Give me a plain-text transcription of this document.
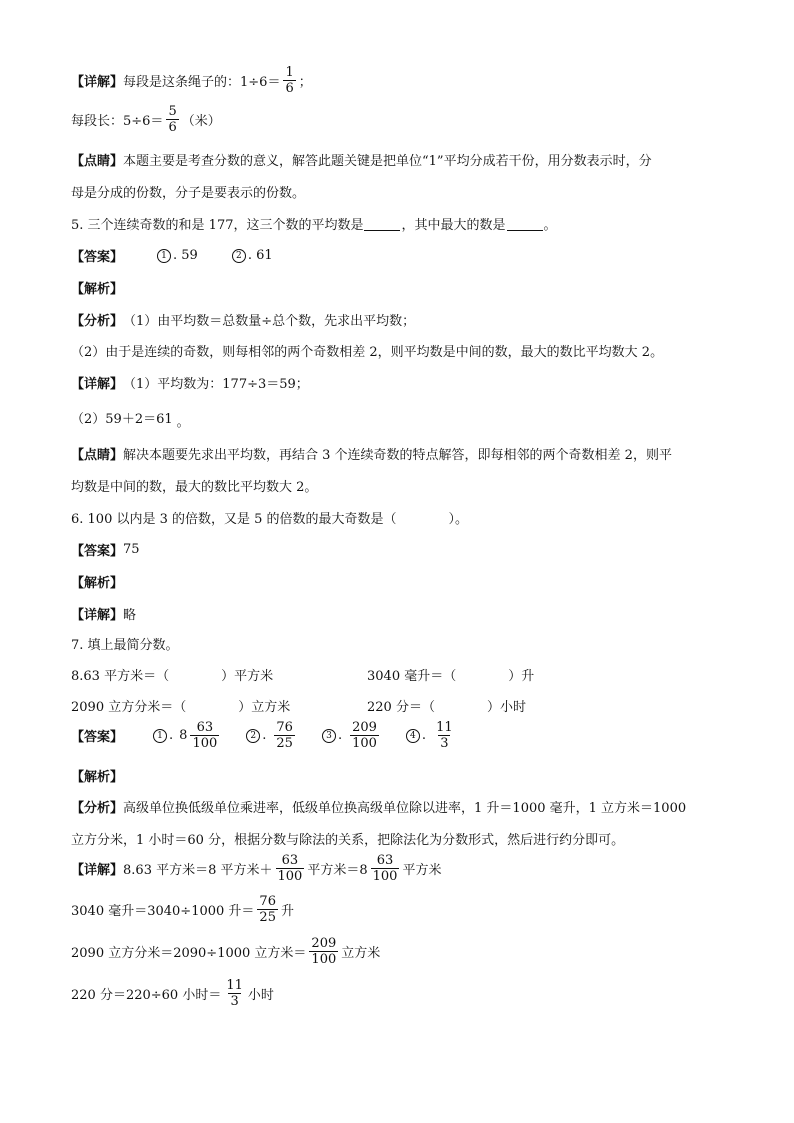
【详解】 每段是这条绳子的：$1\div 6= \frac{1}{6}$ ；
每段长：$5\div 6= \frac{5}{6}$ （米）
【点睛】 本题主要是考查分数的意义，解答此题关键是把单位“1”平均分成若干份，用分数表示时，分
母是分成的份数，分子是要表示的份数。
5. 三个连续奇数的和是 177，这三个数的平均数是	，其中最大的数是	。
【答案】	1 . 59	2 . 61
【解析】
【分析】 （1）由平均数＝总数量÷总个数，先求出平均数；
（2）由于是连续的奇数，则每相邻的两个奇数相差 2，则平均数是中间的数，最大的数比平均数大 2。
【详解】 （1）平均数为：177÷3＝59；
（2）59＋2＝61 。
【点睛】 解决本题要先求出平均数，再结合 3 个连续奇数的特点解答，即每相邻的两个奇数相差 2，则平
均数是中间的数，最大的数比平均数大 2。
6. 100 以内是 3 的倍数，又是 5 的倍数的最大奇数是（　　　　）。
【答案】 75
【解析】
【详解】 略
7. 填上最简分数。
8.63 平方米＝（　　　　）平方米	3040 毫升＝（　　　　）升
2090 立方分米＝（　　　　）立方米	220 分＝（　　　　）小时
【答案】	1 . $8 \frac{63}{100}$	2 . $\frac{76}{25}$	3 . $\frac{209}{100}$	4 . $\frac{11}{3}$
【解析】
【分析】 高级单位换低级单位乘进率，低级单位换高级单位除以进率，1 升＝1000 毫升，1 立方米＝1000
立方分米，1 小时＝60 分，根据分数与除法的关系，把除法化为分数形式，然后进行约分即可。
【详解】 8.63 平方米＝8 平方米＋ $\frac{63}{100}$ 平方米$=8 \frac{63}{100}$ 平方米
3040 毫升＝3040÷1000 升＝ $\frac{76}{25}$ 升
2090 立方分米＝2090÷1000 立方米＝ $\frac{209}{100}$ 立方米
220 分＝220÷60 小时＝ $\frac{11}{3}$ 小时
